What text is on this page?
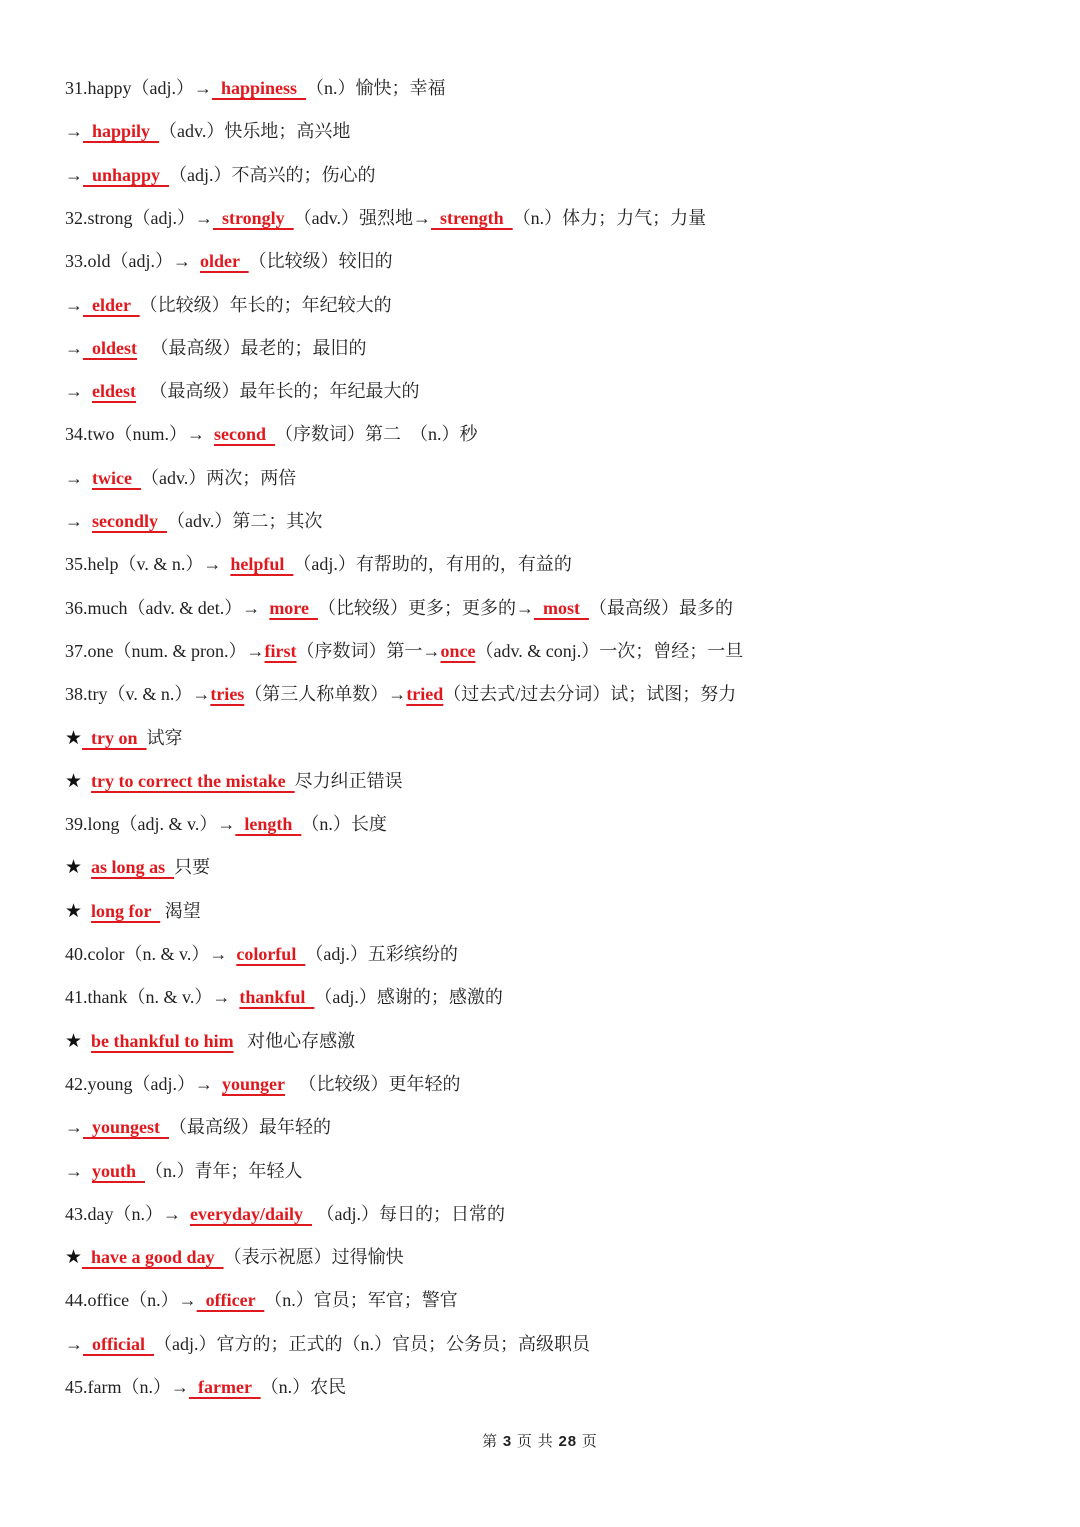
31.happy（adj.）→  happiness  （n.）愉快；幸福
→  happily  （adv.）快乐地；高兴地
→  unhappy  （adj.）不高兴的；伤心的
32.strong（adj.）→  strongly  （adv.）强烈地→  strength  （n.）体力；力气；力量
33.old（adj.）→  older  （比较级）较旧的
→  elder  （比较级）年长的；年纪较大的
→  oldest   （最高级）最老的；最旧的
→  eldest   （最高级）最年长的；年纪最大的
34.two（num.）→  second  （序数词）第二  （n.）秒
→  twice  （adv.）两次；两倍
→  secondly  （adv.）第二；其次
35.help（v. & n.）→  helpful  （adj.）有帮助的，有用的，有益的
36.much（adv. & det.）→  more  （比较级）更多；更多的→  most  （最高级）最多的
37.one（num. & pron.）→first（序数词）第一→once（adv. & conj.）一次；曾经；一旦
38.try（v. & n.）→tries（第三人称单数）→tried（过去式/过去分词）试；试图；努力
★  try on  试穿
★ try to correct the mistake  尽力纠正错误
39.long（adj. & v.）→  length  （n.）长度
★ as long as  只要
★ long for   渴望
40.color（n. & v.）→  colorful  （adj.）五彩缤纷的
41.thank（n. & v.）→  thankful  （adj.）感谢的；感激的
★ be thankful to him   对他心存感激
42.young（adj.）→  younger   （比较级）更年轻的
→  youngest  （最高级）最年轻的
→  youth  （n.）青年；年轻人
43.day（n.）→  everyday/daily   （adj.）每日的；日常的
★  have a good day  （表示祝愿）过得愉快
44.office（n.）→  officer  （n.）官员；军官；警官
→  official  （adj.）官方的；正式的（n.）官员；公务员；高级职员
45.farm（n.）→  farmer  （n.）农民
第 3 页 共 28 页
